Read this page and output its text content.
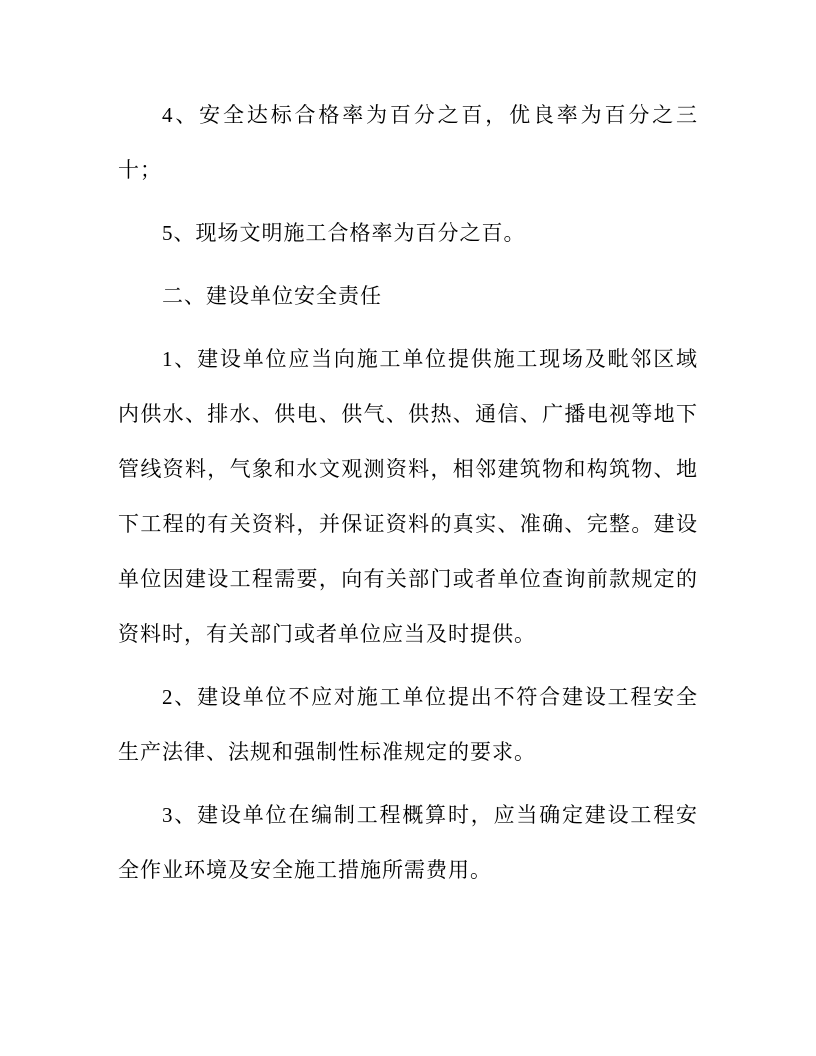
4、安全达标合格率为百分之百，优良率为百分之三十；

5、现场文明施工合格率为百分之百。

二、建设单位安全责任

1、建设单位应当向施工单位提供施工现场及毗邻区域内供水、排水、供电、供气、供热、通信、广播电视等地下管线资料，气象和水文观测资料，相邻建筑物和构筑物、地下工程的有关资料，并保证资料的真实、准确、完整。建设单位因建设工程需要，向有关部门或者单位查询前款规定的资料时，有关部门或者单位应当及时提供。

2、建设单位不应对施工单位提出不符合建设工程安全生产法律、法规和强制性标准规定的要求。

3、建设单位在编制工程概算时，应当确定建设工程安全作业环境及安全施工措施所需费用。
